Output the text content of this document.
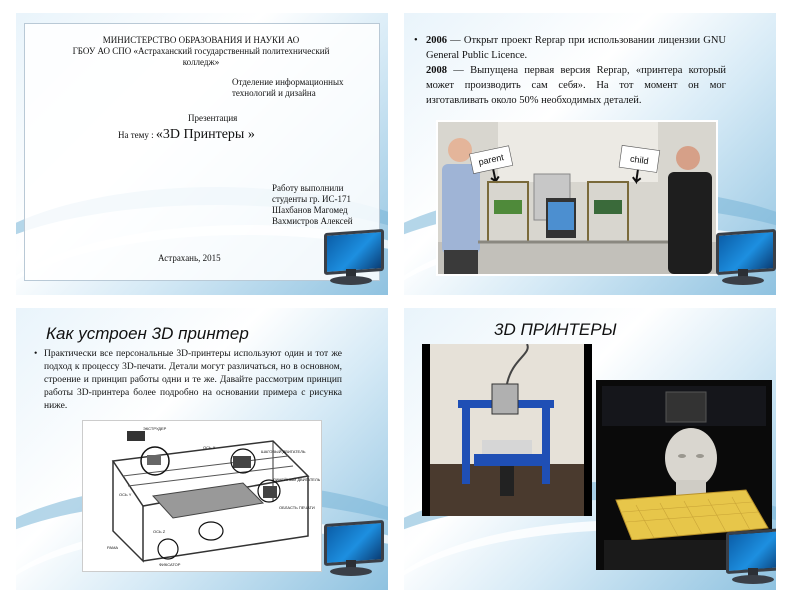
МИНИСТЕРСТВО ОБРАЗОВАНИЯ И НАУКИ АО
ГБОУ АО СПО «Астраханский государственный политехнический колледж»
Отделение информационных
технологий и дизайна
Презентация
На тему : «3D Принтеры »
Работу выполнили
студенты гр. ИС-171
Шахбанов Магомед
Вахмистров Алексей
Астрахань, 2015
• 2006 — Открыт проект Reprap при использовании лицензии GNU General Public Licence.
2008 — Выпущена первая версия Reprap, «принтера который может производить сам себя». На тот момент он мог изготавливать около 50% необходимых деталей.
parent	child
Как устроен 3D принтер
• Практически все персональные 3D-принтеры используют один и тот же подход к процессу 3D-печати. Детали могут различаться, но в основном, строение и принцип работы одни и те же. Давайте рассмотрим принцип работы 3D-принтера более подробно на основании примера с рисунка ниже.
ЭКСТРУДЕР
ШАГОВЫЙ ДВИГАТЕЛЬ
ЛИНЕЙНЫЙ ДВИГАТЕЛЬ
ОБЛАСТЬ ПЕЧАТИ
РАМА
ФИКСАТОР
ОСЬ X
ОСЬ Y
ОСЬ Z
3D ПРИНТЕРЫ
